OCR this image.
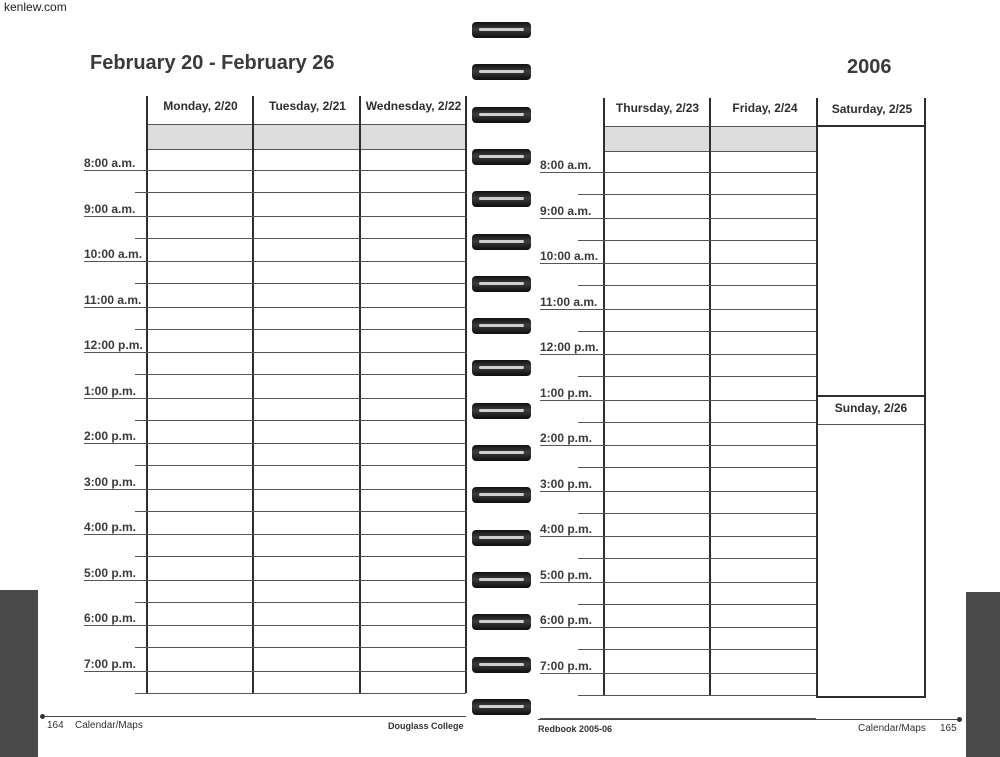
kenlew.com
February 20 - February 26	2006
Monday, 2/20	Tuesday, 2/21	Wednesday, 2/22
8:00 a.m.
9:00 a.m.
10:00 a.m.
11:00 a.m.
12:00 p.m.
1:00 p.m.
2:00 p.m.
3:00 p.m.
4:00 p.m.
5:00 p.m.
6:00 p.m.
7:00 p.m.
Thursday, 2/23	Friday, 2/24	Saturday, 2/25
Sunday, 2/26
8:00 a.m.
9:00 a.m.
10:00 a.m.
11:00 a.m.
12:00 p.m.
1:00 p.m.
2:00 p.m.
3:00 p.m.
4:00 p.m.
5:00 p.m.
6:00 p.m.
7:00 p.m.
164 Calendar/Maps	Douglass College	Redbook 2005-06	Calendar/Maps 165
